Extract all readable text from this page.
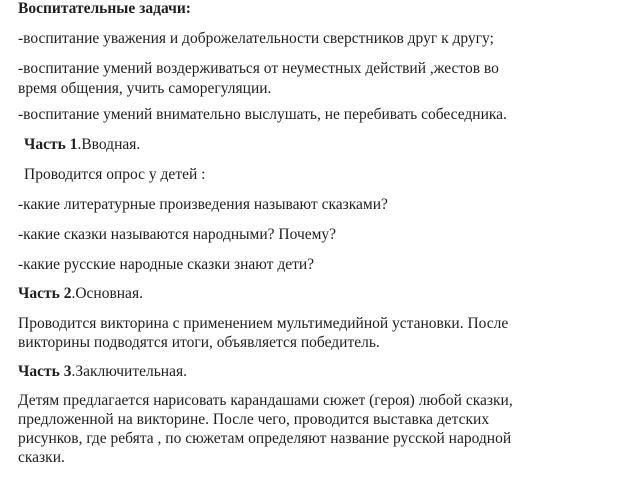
Воспитательные задачи:
-воспитание уважения и доброжелательности сверстников друг к другу;
-воспитание умений воздерживаться от неуместных действий ,жестов во
время общения, учить саморегуляции.
-воспитание умений внимательно выслушать, не перебивать собеседника.
Часть 1.Вводная.
Проводится опрос у детей :
-какие литературные произведения называют сказками?
-какие сказки называются народными? Почему?
-какие русские народные сказки знают дети?
Часть 2.Основная.
Проводится викторина с применением мультимедийной установки. После
викторины подводятся итоги, объявляется победитель.
Часть 3.Заключительная.
Детям предлагается нарисовать карандашами сюжет (героя) любой сказки,
предложенной на викторине. После чего, проводится выставка детских
рисунков, где ребята , по сюжетам определяют название русской народной
сказки.
